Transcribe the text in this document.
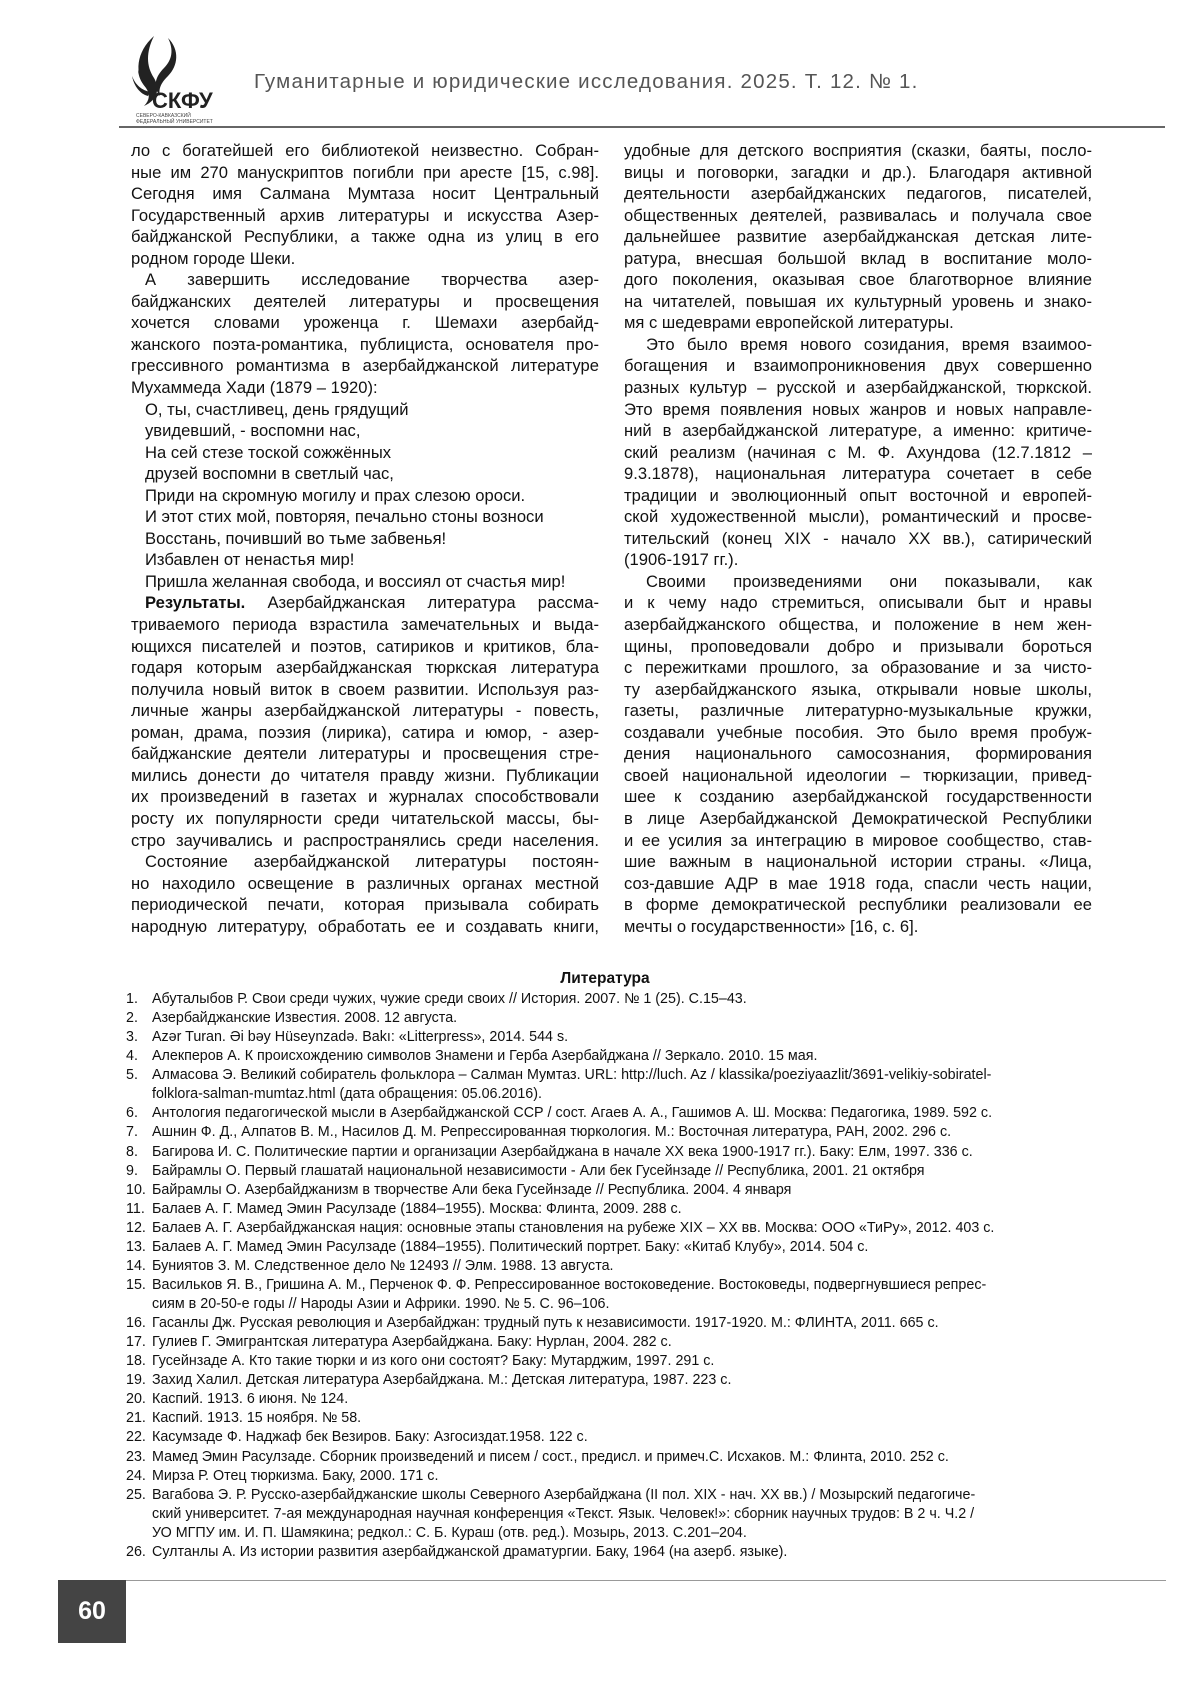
СКФУ
СЕВЕРО-КАВКАЗСКИЙ
ФЕДЕРАЛЬНЫЙ УНИВЕРСИТЕТ
Гуманитарные и юридические исследования. 2025. Т. 12. № 1.
ло с богатейшей его библиотекой неизвестно. Собран-
ные им 270 манускриптов погибли при аресте [15, с.98].
Сегодня имя Салмана Мумтаза носит Центральный
Государственный архив литературы и искусства Азер-
байджанской Республики, а также одна из улиц в его
родном городе Шеки.
А завершить исследование творчества азер-
байджанских деятелей литературы и просвещения
хочется словами уроженца г. Шемахи азербайд-
жанского поэта-романтика, публициста, основателя про-
грессивного романтизма в азербайджанской литературе
Мухаммеда Хади (1879 – 1920):
О, ты, счастливец, день грядущий
увидевший, - воспомни нас,
На сей стезе тоской сожжённых
друзей воспомни в светлый час,
Приди на скромную могилу и прах слезою ороси.
И этот стих мой, повторяя, печально стоны возноси
Восстань, почивший во тьме забвенья!
Избавлен от ненастья мир!
Пришла желанная свобода, и воссиял от счастья мир!
Результаты. Азербайджанская литература рассма-
триваемого периода взрастила замечательных и выда-
ющихся писателей и поэтов, сатириков и критиков, бла-
годаря которым азербайджанская тюркская литература
получила новый виток в своем развитии. Используя раз-
личные жанры азербайджанской литературы - повесть,
роман, драма, поэзия (лирика), сатира и юмор, - азер-
байджанские деятели литературы и просвещения стре-
мились донести до читателя правду жизни. Публикации
их произведений в газетах и журналах способствовали
росту их популярности среди читательской массы, бы-
стро заучивались и распространялись среди населения.
Состояние азербайджанской литературы постоян-
но находило освещение в различных органах местной
периодической печати, которая призывала собирать
народную литературу, обработать ее и создавать книги,
удобные для детского восприятия (сказки, баяты, посло-
вицы и поговорки, загадки и др.). Благодаря активной
деятельности азербайджанских педагогов, писателей,
общественных деятелей, развивалась и получала свое
дальнейшее развитие азербайджанская детская лите-
ратура, внесшая большой вклад в воспитание моло-
дого поколения, оказывая свое благотворное влияние
на читателей, повышая их культурный уровень и знако-
мя с шедеврами европейской литературы.
Это было время нового созидания, время взаимоо-
богащения и взаимопроникновения двух совершенно
разных культур – русской и азербайджанской, тюркской.
Это время появления новых жанров и новых направле-
ний в азербайджанской литературе, а именно: критиче-
ский реализм (начиная с М. Ф. Ахундова (12.7.1812 –
9.3.1878), национальная литература сочетает в себе
традиции и эволюционный опыт восточной и европей-
ской художественной мысли), романтический и просве-
тительский (конец XIX - начало XX вв.), сатирический
(1906-1917 гг.).
Своими произведениями они показывали, как
и к чему надо стремиться, описывали быт и нравы
азербайджанского общества, и положение в нем жен-
щины, проповедовали добро и призывали бороться
с пережитками прошлого, за образование и за чисто-
ту азербайджанского языка, открывали новые школы,
газеты, различные литературно-музыкальные кружки,
создавали учебные пособия. Это было время пробуж-
дения национального самосознания, формирования
своей национальной идеологии – тюркизации, привед-
шее к созданию азербайджанской государственности
в лице Азербайджанской Демократической Республики
и ее усилия за интеграцию в мировое сообщество, став-
шие важным в национальной истории страны. «Лица,
соз-давшие АДР в мае 1918 года, спасли честь нации,
в форме демократической республики реализовали ее
мечты о государственности» [16, с. 6].
Литература
1. Абуталыбов Р. Свои среди чужих, чужие среди своих // История. 2007. № 1 (25). С.15–43.
2. Азербайджанские Известия. 2008. 12 августа.
3. Azər Turan. Əi bəy Hüseynzadə. Bakı: «Litterpress», 2014. 544 s.
4. Алекперов А. К происхождению символов Знамени и Герба Азербайджана // Зеркало. 2010. 15 мая.
5. Алмасова Э. Великий собиратель фольклора – Салман Мумтаз. URL: http://luch. Az / klassika/poeziyaazlit/3691-velikiy-sobiratel-
folklora-salman-mumtaz.html (дата обращения: 05.06.2016).
6. Антология педагогической мысли в Азербайджанской ССР / сост. Агаев А. А., Гашимов А. Ш. Москва: Педагогика, 1989. 592 с.
7. Ашнин Ф. Д., Алпатов В. М., Насилов Д. М. Репрессированная тюркология. М.: Восточная литература, РАН, 2002. 296 с.
8. Багирова И. С. Политические партии и организации Азербайджана в начале ХХ века 1900-1917 гг.). Баку: Елм, 1997. 336 с.
9. Байрамлы О. Первый глашатай национальной независимости - Али бек Гусейнзаде // Республика, 2001. 21 октября
10. Байрамлы О. Азербайджанизм в творчестве Али бека Гусейнзаде // Республика. 2004. 4 января
11. Балаев А. Г. Мамед Эмин Расулзаде (1884–1955). Москва: Флинта, 2009. 288 с.
12. Балаев А. Г. Азербайджанская нация: основные этапы становления на рубеже XIX – XX вв. Москва: ООО «ТиРу», 2012. 403 с.
13. Балаев А. Г. Мамед Эмин Расулзаде (1884–1955). Политический портрет. Баку: «Китаб Клубу», 2014. 504 с.
14. Буниятов З. М. Следственное дело № 12493 // Элм. 1988. 13 августа.
15. Васильков Я. В., Гришина А. М., Перченок Ф. Ф. Репрессированное востоковедение. Востоковеды, подвергнувшиеся репрес-
сиям в 20-50-е годы // Народы Азии и Африки. 1990. № 5. С. 96–106.
16. Гасанлы Дж. Русская революция и Азербайджан: трудный путь к независимости. 1917-1920. М.: ФЛИНТА, 2011. 665 с.
17. Гулиев Г. Эмигрантская литература Азербайджана. Баку: Нурлан, 2004. 282 с.
18. Гусейнзаде А. Кто такие тюрки и из кого они состоят? Баку: Мутарджим, 1997. 291 с.
19. Захид Халил. Детская литература Азербайджана. М.: Детская литература, 1987. 223 с.
20. Каспий. 1913. 6 июня. № 124.
21. Каспий. 1913. 15 ноября. № 58.
22. Касумзаде Ф. Наджаф бек Везиров. Баку: Азгосиздат.1958. 122 с.
23. Мамед Эмин Расулзаде. Сборник произведений и писем / сост., предисл. и примеч.С. Исхаков. М.: Флинта, 2010. 252 с.
24. Мирза Р. Отец тюркизма. Баку, 2000. 171 с.
25. Вагабова Э. Р. Русско-азербайджанские школы Северного Азербайджана (II пол. XIX - нач. XX вв.) / Мозырский педагогиче-
ский университет. 7-ая международная научная конференция «Текст. Язык. Человек!»: сборник научных трудов: В 2 ч. Ч.2 /
УО МГПУ им. И. П. Шамякина; редкол.: С. Б. Кураш (отв. ред.). Мозырь, 2013. С.201–204.
26. Султанлы А. Из истории развития азербайджанской драматургии. Баку, 1964 (на азерб. языке).
60
